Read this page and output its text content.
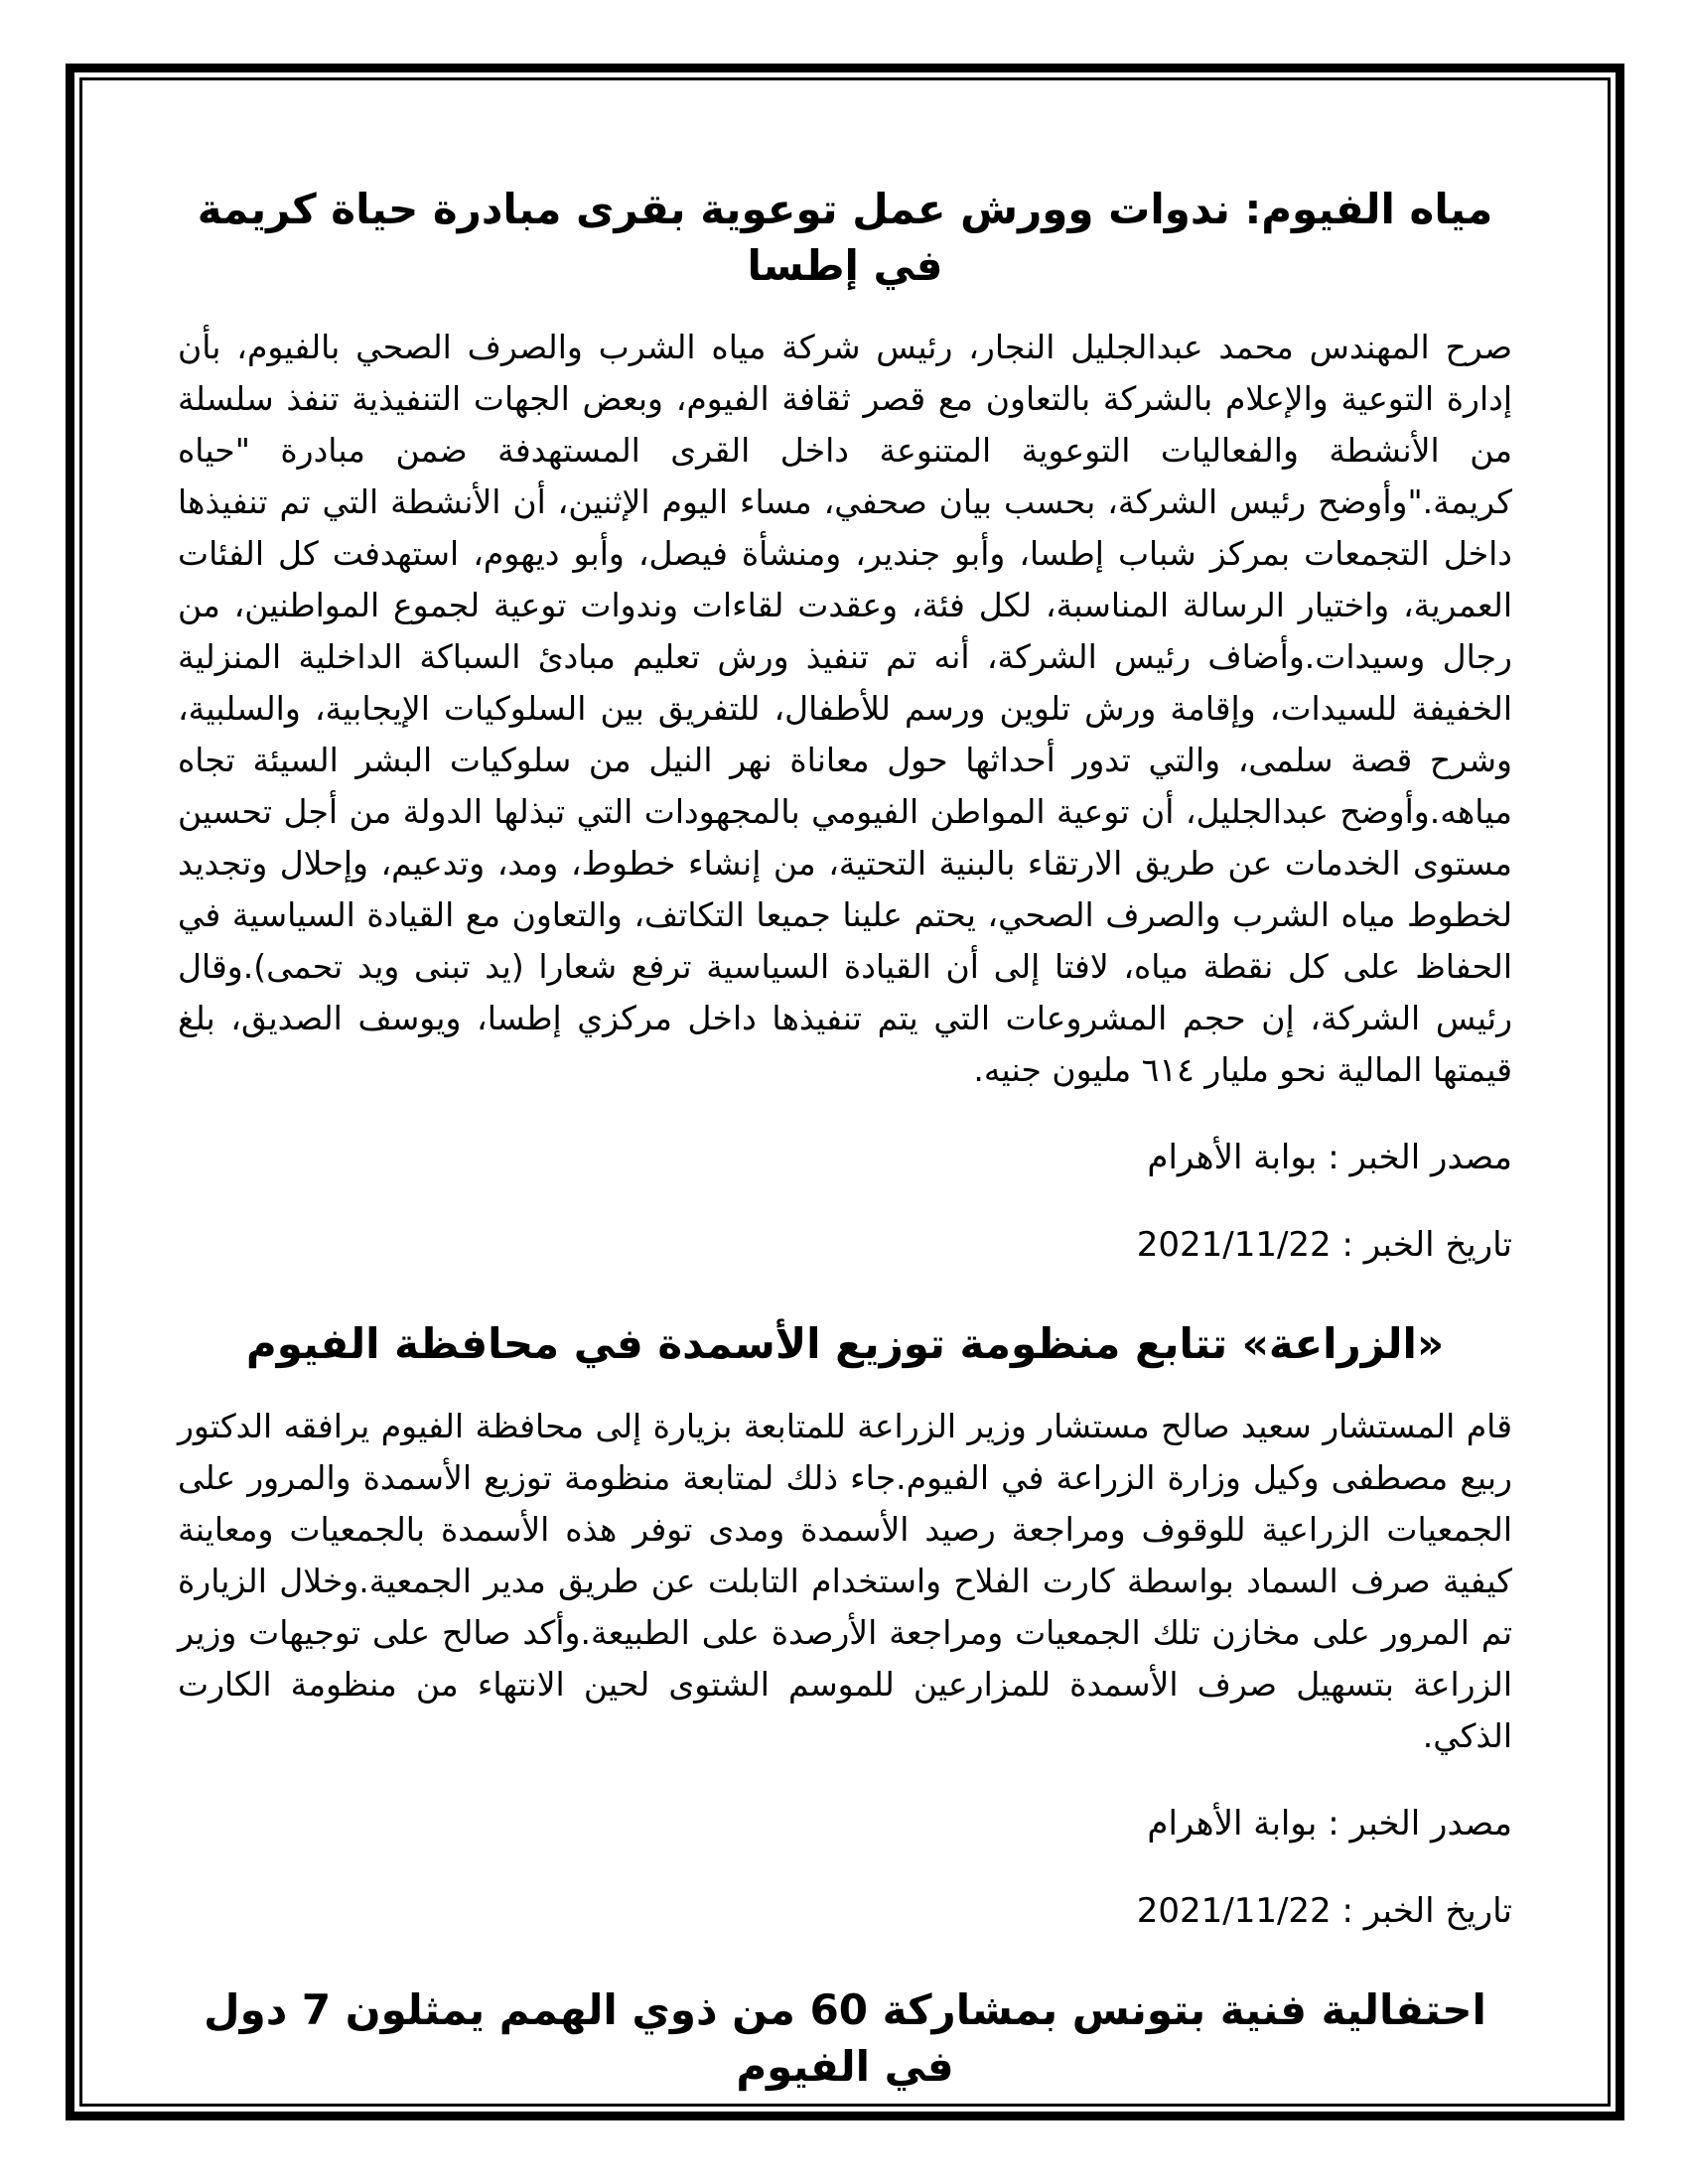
مياه الفيوم: ندوات وورش عمل توعوية بقرى مبادرة حياة كريمة في إطسا

صرح المهندس محمد عبدالجليل النجار، رئيس شركة مياه الشرب والصرف الصحي بالفيوم، بأن إدارة التوعية والإعلام بالشركة بالتعاون مع قصر ثقافة الفيوم، وبعض الجهات التنفيذية تنفذ سلسلة من الأنشطة والفعاليات التوعوية المتنوعة داخل القرى المستهدفة ضمن مبادرة "حياه كريمة."وأوضح رئيس الشركة، بحسب بيان صحفي، مساء اليوم الإثنين، أن الأنشطة التي تم تنفيذها داخل التجمعات بمركز شباب إطسا، وأبو جندير، ومنشأة فيصل، وأبو ديهوم، استهدفت كل الفئات العمرية، واختيار الرسالة المناسبة، لكل فئة، وعقدت لقاءات وندوات توعية لجموع المواطنين، من رجال وسيدات.وأضاف رئيس الشركة، أنه تم تنفيذ ورش تعليم مبادئ السباكة الداخلية المنزلية الخفيفة للسيدات، وإقامة ورش تلوين ورسم للأطفال، للتفريق بين السلوكيات الإيجابية، والسلبية، وشرح قصة سلمى، والتي تدور أحداثها حول معاناة نهر النيل من سلوكيات البشر السيئة تجاه مياهه.وأوضح عبدالجليل، أن توعية المواطن الفيومي بالمجهودات التي تبذلها الدولة من أجل تحسين مستوى الخدمات عن طريق الارتقاء بالبنية التحتية، من إنشاء خطوط، ومد، وتدعيم، وإحلال وتجديد لخطوط مياه الشرب والصرف الصحي، يحتم علينا جميعا التكاتف، والتعاون مع القيادة السياسية في الحفاظ على كل نقطة مياه، لافتا إلى أن القيادة السياسية ترفع شعارا (يد تبنى ويد تحمى).وقال رئيس الشركة، إن حجم المشروعات التي يتم تنفيذها داخل مركزي إطسا، ويوسف الصديق، بلغ قيمتها المالية نحو مليار ٦١٤ مليون جنيه.

مصدر الخبر : بوابة الأهرام

تاريخ الخبر : 2021/11/22

«الزراعة» تتابع منظومة توزيع الأسمدة في محافظة الفيوم

قام المستشار سعيد صالح مستشار وزير الزراعة للمتابعة بزيارة إلى محافظة الفيوم يرافقه الدكتور ربيع مصطفى وكيل وزارة الزراعة في الفيوم.جاء ذلك لمتابعة منظومة توزيع الأسمدة والمرور على الجمعيات الزراعية للوقوف ومراجعة رصيد الأسمدة ومدى توفر هذه الأسمدة بالجمعيات ومعاينة كيفية صرف السماد بواسطة كارت الفلاح واستخدام التابلت عن طريق مدير الجمعية.وخلال الزيارة تم المرور على مخازن تلك الجمعيات ومراجعة الأرصدة على الطبيعة.وأكد صالح على توجيهات وزير الزراعة بتسهيل صرف الأسمدة للمزارعين للموسم الشتوى لحين الانتهاء من منظومة الكارت الذكي.

مصدر الخبر : بوابة الأهرام

تاريخ الخبر : 2021/11/22

احتفالية فنية بتونس بمشاركة 60 من ذوي الهمم يمثلون 7 دول في الفيوم
